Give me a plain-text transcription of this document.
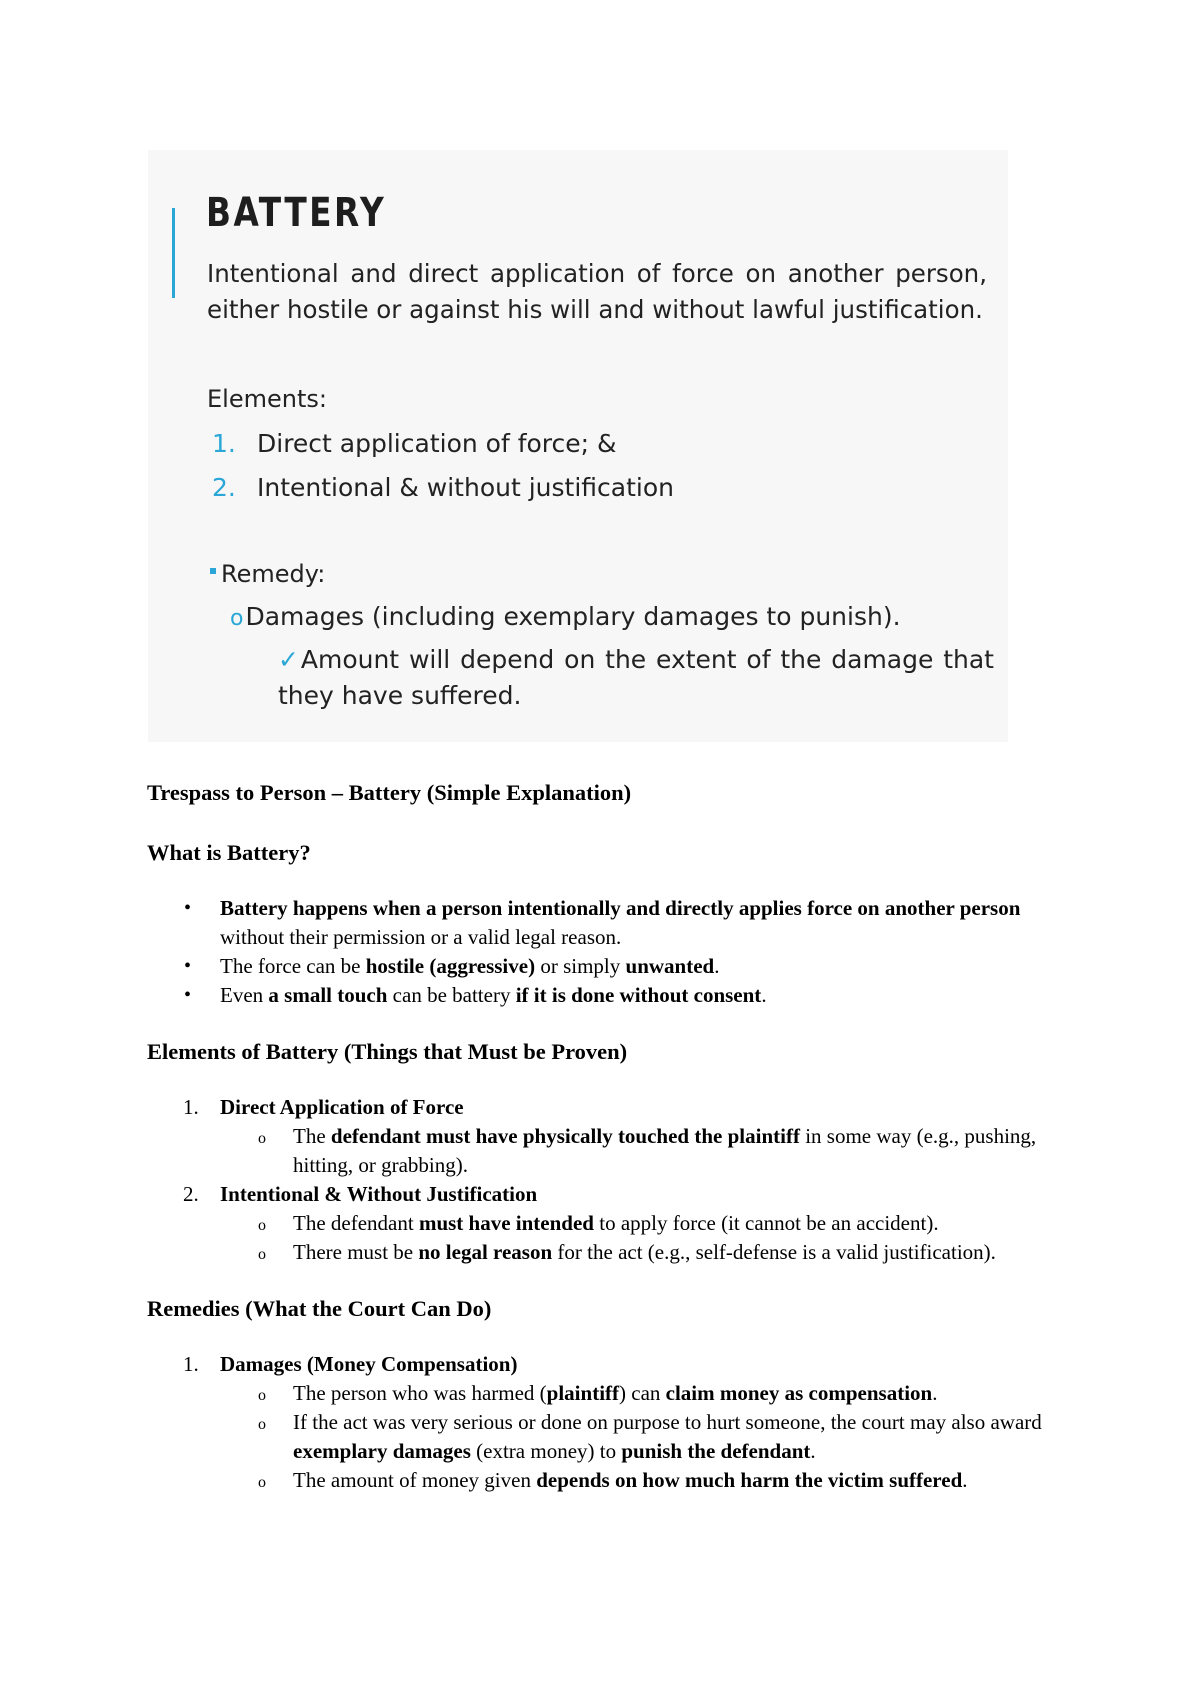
BATTERY
Intentional and direct application of force on another person, either hostile or against his will and without lawful justification.
Elements:
1. Direct application of force; &
2. Intentional & without justification
Remedy:
oDamages (including exemplary damages to punish).
✓Amount will depend on the extent of the damage that they have suffered.
Trespass to Person – Battery (Simple Explanation)
What is Battery?
• Battery happens when a person intentionally and directly applies force on another person without their permission or a valid legal reason.
• The force can be hostile (aggressive) or simply unwanted.
• Even a small touch can be battery if it is done without consent.
Elements of Battery (Things that Must be Proven)
1. Direct Application of Force
o The defendant must have physically touched the plaintiff in some way (e.g., pushing, hitting, or grabbing).
2. Intentional & Without Justification
o The defendant must have intended to apply force (it cannot be an accident).
o There must be no legal reason for the act (e.g., self-defense is a valid justification).
Remedies (What the Court Can Do)
1. Damages (Money Compensation)
o The person who was harmed (plaintiff) can claim money as compensation.
o If the act was very serious or done on purpose to hurt someone, the court may also award exemplary damages (extra money) to punish the defendant.
o The amount of money given depends on how much harm the victim suffered.
